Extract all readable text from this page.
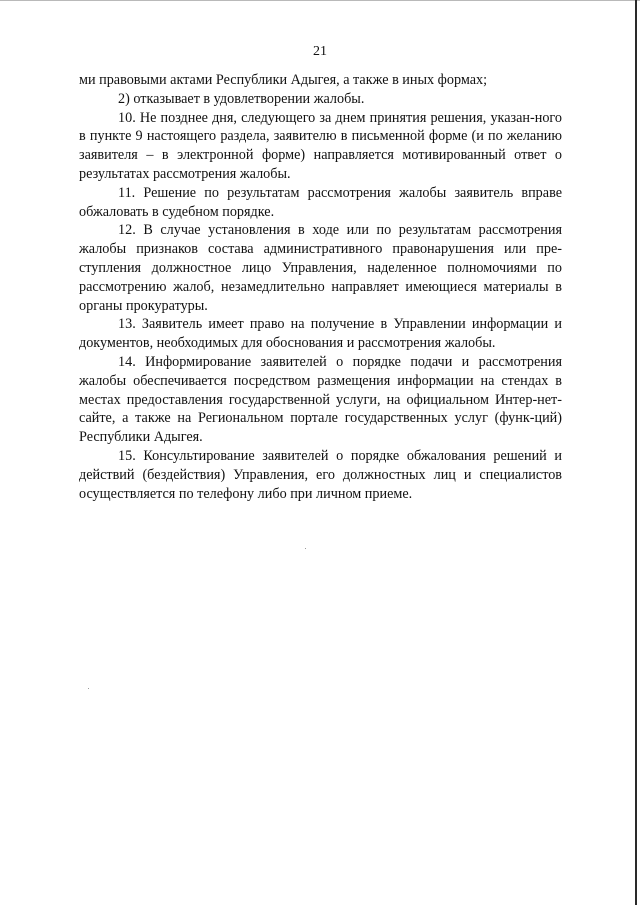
21

ми правовыми актами Республики Адыгея, а также в иных формах;

2) отказывает в удовлетворении жалобы.

10. Не позднее дня, следующего за днем принятия решения, указан-ного в пункте 9 настоящего раздела, заявителю в письменной форме (и по желанию заявителя – в электронной форме) направляется мотивированный ответ о результатах рассмотрения жалобы.

11. Решение по результатам рассмотрения жалобы заявитель вправе обжаловать в судебном порядке.

12. В случае установления в ходе или по результатам рассмотрения жалобы признаков состава административного правонарушения или пре-ступления должностное лицо Управления, наделенное полномочиями по рассмотрению жалоб, незамедлительно направляет имеющиеся материалы в органы прокуратуры.

13. Заявитель имеет право на получение в Управлении информации и документов, необходимых для обоснования и рассмотрения жалобы.

14. Информирование заявителей о порядке подачи и рассмотрения жалобы обеспечивается посредством размещения информации на стендах в местах предоставления государственной услуги, на официальном Интер-нет-сайте, а также на Региональном портале государственных услуг (функ-ций) Республики Адыгея.

15. Консультирование заявителей о порядке обжалования решений и действий (бездействия) Управления, его должностных лиц и специалистов осуществляется по телефону либо при личном приеме.
